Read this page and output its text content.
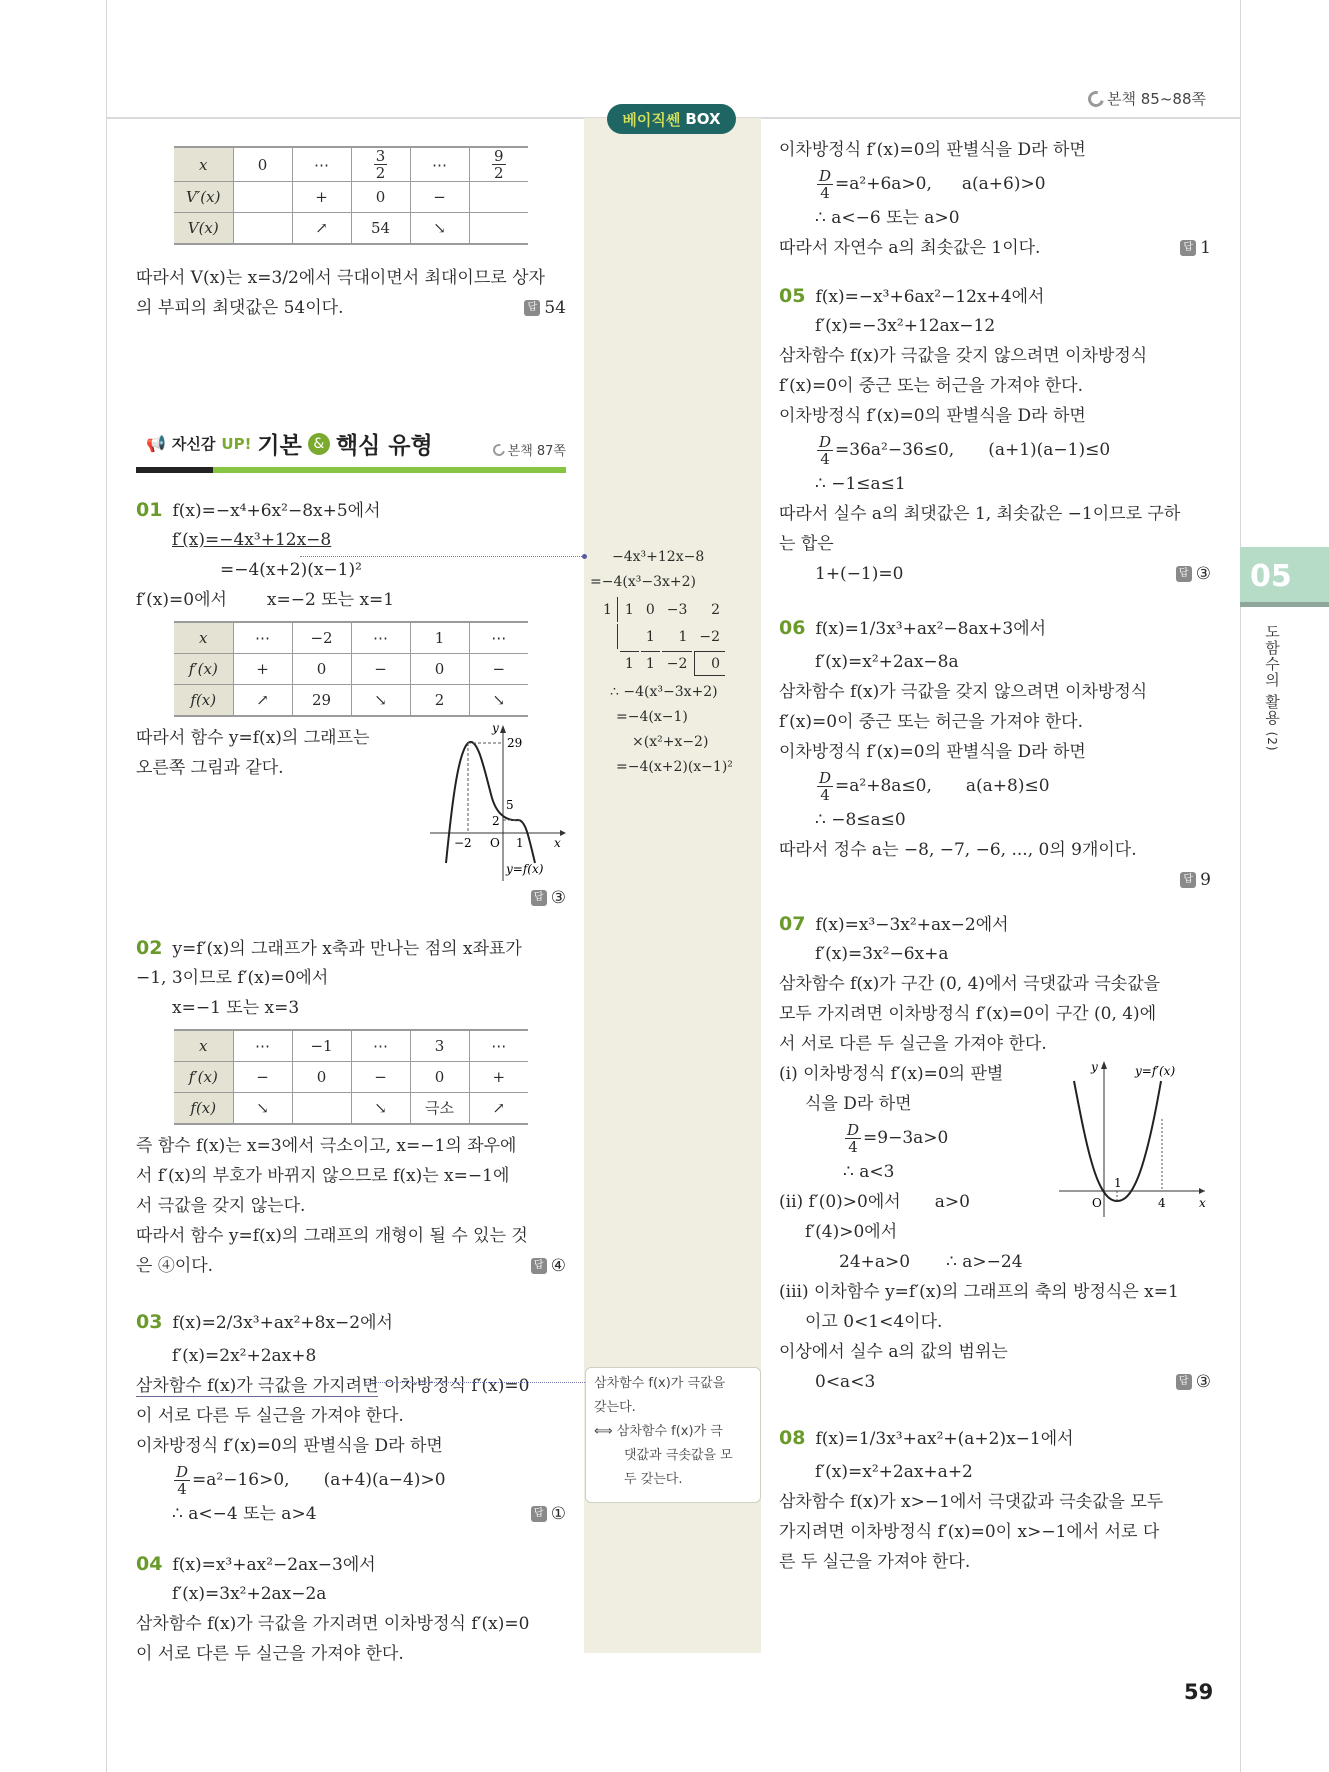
본책 85~88쪽
베이직쎈 BOX
05
도함수의 활용 (2)
x	0	⋯	$\frac{3}{2}$	⋯	$\frac{9}{2}$

V′(x)		+	0	−	
V(x)		↗	54	↘	
따라서 V(x)는 x=3/2에서 극대이면서 최대이므로 상자
의 부피의 최댓값은 54이다.	답 54
📢 자신감 UP! 기본 & 핵심 유형	본책 87쪽
01 f(x)=−x⁴+6x²−8x+5에서
f′(x)=−4x³+12x−8
=−4(x+2)(x−1)²
f′(x)=0에서 x=−2 또는 x=1
x	⋯	−2	⋯	1	⋯
f′(x)	+	0	−	0	−
f(x)	↗	29	↘	2	↘
따라서 함수 y=f(x)의 그래프는
오른쪽 그림과 같다.
y
29
5
2
−2 O 1	x
y=f(x)
답 ③
02 y=f′(x)의 그래프가 x축과 만나는 점의 x좌표가
−1, 3이므로 f′(x)=0에서
x=−1 또는 x=3
x	⋯	−1	⋯	3	⋯
f′(x)	−	0	−	0	+
f(x)	↘		↘	극소	↗
즉 함수 f(x)는 x=3에서 극소이고, x=−1의 좌우에
서 f′(x)의 부호가 바뀌지 않으므로 f(x)는 x=−1에
서 극값을 갖지 않는다.
따라서 함수 y=f(x)의 그래프의 개형이 될 수 있는 것
은 ④이다.	답 ④
03 f(x)=2/3x³+ax²+8x−2에서
f′(x)=2x²+2ax+8
삼차함수 f(x)가 극값을 가지려면 이차방정식 f′(x)=0
이 서로 다른 두 실근을 가져야 한다.
이차방정식 f′(x)=0의 판별식을 D라 하면
$\frac{D}{4} =a^2-16>0$, (a+4)(a−4)>0
∴ a<−4 또는 a>4	답 ①
04 f(x)=x³+ax²−2ax−3에서
f′(x)=3x²+2ax−2a
삼차함수 f(x)가 극값을 가지려면 이차방정식 f′(x)=0
이 서로 다른 두 실근을 가져야 한다.
−4x³+12x−8
=−4(x³−3x+2)
1	1	0	−3	2
		1	1	−2
	1	1	−2	0
∴ −4(x³−3x+2)
=−4(x−1)
×(x²+x−2)
=−4(x+2)(x−1)²
삼차함수 f(x)가 극값을
갖는다.
⟺ 삼차함수 f(x)가 극
댓값과 극솟값을 모
두 갖는다.
이차방정식 f′(x)=0의 판별식을 D라 하면
$\frac{D}{4} =a^2+6a>0$, a(a+6)>0
∴ a<−6 또는 a>0
따라서 자연수 a의 최솟값은 1이다.	답 1
05 f(x)=−x³+6ax²−12x+4에서
f′(x)=−3x²+12ax−12
삼차함수 f(x)가 극값을 갖지 않으려면 이차방정식
f′(x)=0이 중근 또는 허근을 가져야 한다.
이차방정식 f′(x)=0의 판별식을 D라 하면
$\frac{D}{4} =36a^2-36\le 0$, (a+1)(a−1)≤0
∴ −1≤a≤1
따라서 실수 a의 최댓값은 1, 최솟값은 −1이므로 구하
는 합은
1+(−1)=0	답 ③
06 f(x)=1/3x³+ax²−8ax+3에서
f′(x)=x²+2ax−8a
삼차함수 f(x)가 극값을 갖지 않으려면 이차방정식
f′(x)=0이 중근 또는 허근을 가져야 한다.
이차방정식 f′(x)=0의 판별식을 D라 하면
$\frac{D}{4} =a^2+8a\le 0$, a(a+8)≤0
∴ −8≤a≤0
따라서 정수 a는 −8, −7, −6, ..., 0의 9개이다.
답 9
07 f(x)=x³−3x²+ax−2에서
f′(x)=3x²−6x+a
삼차함수 f(x)가 구간 (0, 4)에서 극댓값과 극솟값을
모두 가지려면 이차방정식 f′(x)=0이 구간 (0, 4)에
서 서로 다른 두 실근을 가져야 한다.
(i) 이차방정식 f′(x)=0의 판별
식을 D라 하면
$\frac{D}{4} =9-3a>0$
∴ a<3
(ii) f′(0)>0에서 a>0
f′(4)>0에서
24+a>0 ∴ a>−24
(iii) 이차함수 y=f′(x)의 그래프의 축의 방정식은 x=1
이고 0<1<4이다.
이상에서 실수 a의 값의 범위는
0<a<3	답 ③
y	y=f′(x)
O
1
4	x
08 f(x)=1/3x³+ax²+(a+2)x−1에서
f′(x)=x²+2ax+a+2
삼차함수 f(x)가 x>−1에서 극댓값과 극솟값을 모두
가지려면 이차방정식 f′(x)=0이 x>−1에서 서로 다
른 두 실근을 가져야 한다.
59
